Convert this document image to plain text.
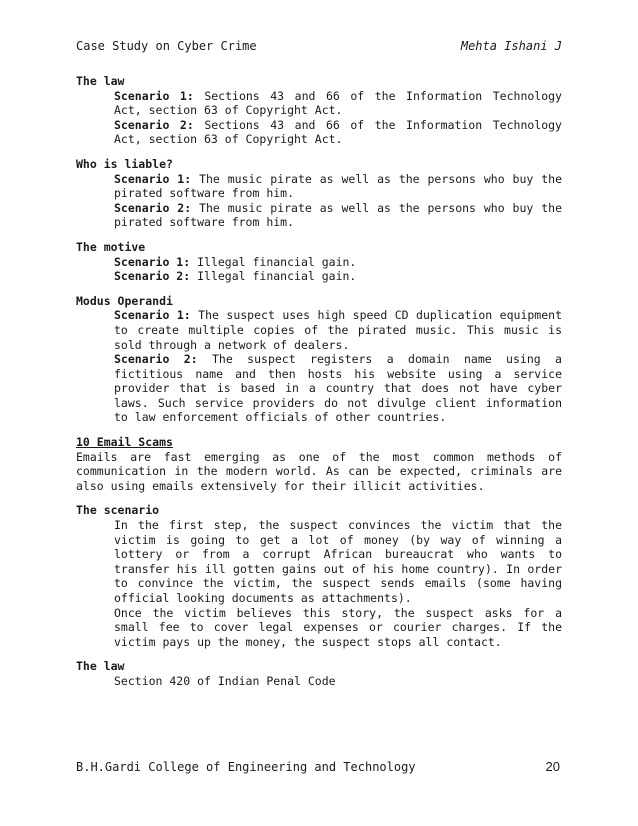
Case Study on Cyber Crime	Mehta Ishani J
The law
Scenario 1: Sections 43 and 66 of the Information Technology Act, section 63 of Copyright Act.
Scenario 2: Sections 43 and 66 of the Information Technology Act, section 63 of Copyright Act.
Who is liable?
Scenario 1: The music pirate as well as the persons who buy the pirated software from him.
Scenario 2: The music pirate as well as the persons who buy the pirated software from him.
The motive
Scenario 1: Illegal financial gain.
Scenario 2: Illegal financial gain.
Modus Operandi
Scenario 1: The suspect uses high speed CD duplication equipment to create multiple copies of the pirated music. This music is sold through a network of dealers.
Scenario 2: The suspect registers a domain name using a fictitious name and then hosts his website using a service provider that is based in a country that does not have cyber laws. Such service providers do not divulge client information to law enforcement officials of other countries.
10 Email Scams
Emails are fast emerging as one of the most common methods of communication in the modern world. As can be expected, criminals are also using emails extensively for their illicit activities.
The scenario
In the first step, the suspect convinces the victim that the victim is going to get a lot of money (by way of winning a lottery or from a corrupt African bureaucrat who wants to transfer his ill gotten gains out of his home country). In order to convince the victim, the suspect sends emails (some having official looking documents as attachments).
Once the victim believes this story, the suspect asks for a small fee to cover legal expenses or courier charges. If the victim pays up the money, the suspect stops all contact.
The law
Section 420 of Indian Penal Code
B.H.Gardi College of Engineering and Technology	20
